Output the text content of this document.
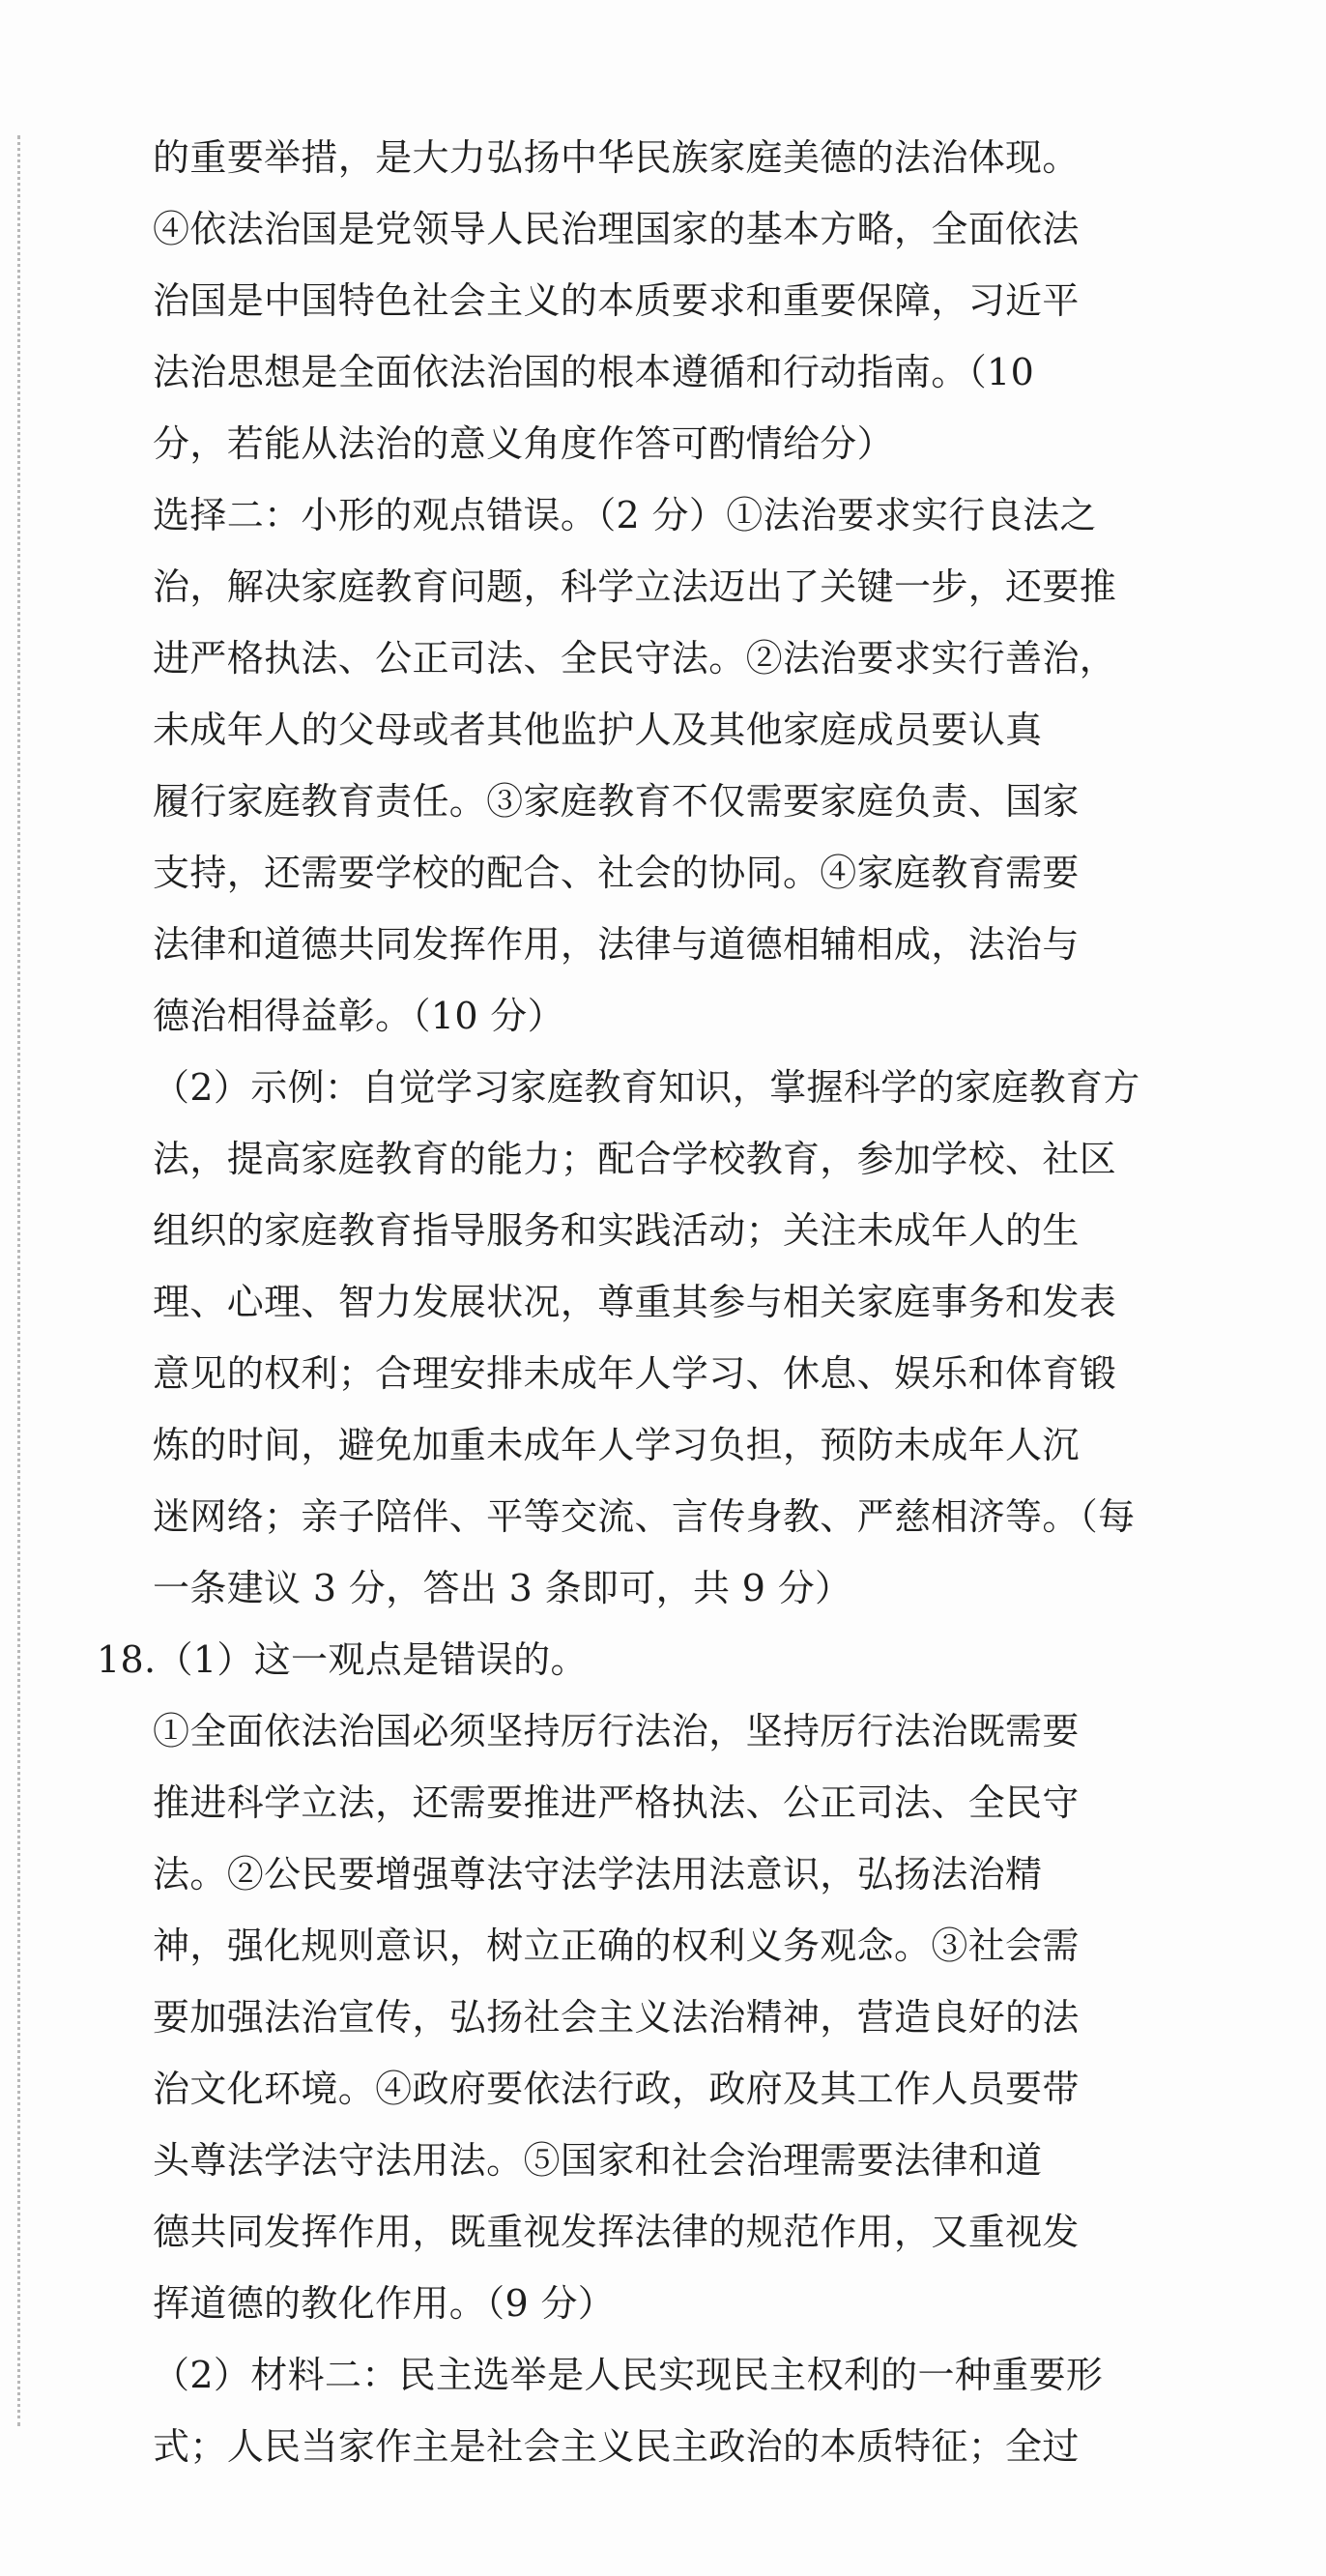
的重要举措，是大力弘扬中华民族家庭美德的法治体现。
④依法治国是党领导人民治理国家的基本方略，全面依法
治国是中国特色社会主义的本质要求和重要保障，习近平
法治思想是全面依法治国的根本遵循和行动指南。（10
分，若能从法治的意义角度作答可酌情给分）
选择二：小形的观点错误。（2 分）①法治要求实行良法之
治，解决家庭教育问题，科学立法迈出了关键一步，还要推
进严格执法、公正司法、全民守法。②法治要求实行善治，
未成年人的父母或者其他监护人及其他家庭成员要认真
履行家庭教育责任。③家庭教育不仅需要家庭负责、国家
支持，还需要学校的配合、社会的协同。④家庭教育需要
法律和道德共同发挥作用，法律与道德相辅相成，法治与
德治相得益彰。（10 分）
（2）示例：自觉学习家庭教育知识，掌握科学的家庭教育方
法，提高家庭教育的能力；配合学校教育，参加学校、社区
组织的家庭教育指导服务和实践活动；关注未成年人的生
理、心理、智力发展状况，尊重其参与相关家庭事务和发表
意见的权利；合理安排未成年人学习、休息、娱乐和体育锻
炼的时间，避免加重未成年人学习负担，预防未成年人沉
迷网络；亲子陪伴、平等交流、言传身教、严慈相济等。（每
一条建议 3 分，答出 3 条即可，共 9 分）
18.（1）这一观点是错误的。
①全面依法治国必须坚持厉行法治，坚持厉行法治既需要
推进科学立法，还需要推进严格执法、公正司法、全民守
法。②公民要增强尊法守法学法用法意识，弘扬法治精
神，强化规则意识，树立正确的权利义务观念。③社会需
要加强法治宣传，弘扬社会主义法治精神，营造良好的法
治文化环境。④政府要依法行政，政府及其工作人员要带
头尊法学法守法用法。⑤国家和社会治理需要法律和道
德共同发挥作用，既重视发挥法律的规范作用，又重视发
挥道德的教化作用。（9 分）
（2）材料二：民主选举是人民实现民主权利的一种重要形
式；人民当家作主是社会主义民主政治的本质特征；全过
